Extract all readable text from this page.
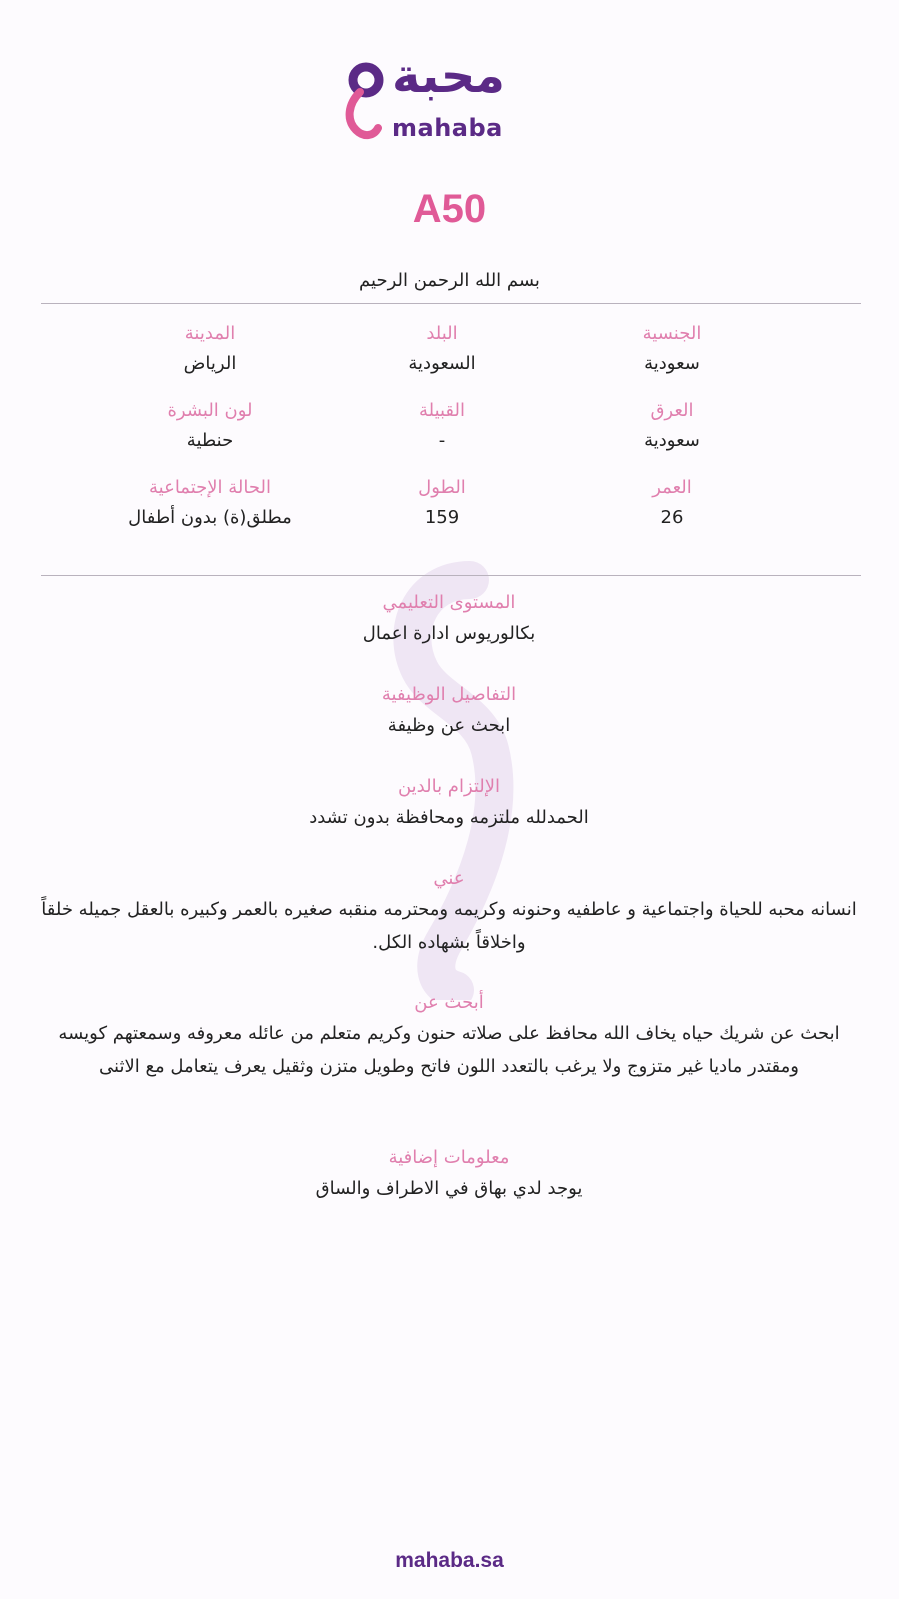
محبة
mahaba
A50
بسم الله الرحمن الرحيم
الجنسية
سعودية
البلد
السعودية
المدينة
الرياض
العرق
سعودية
القبيلة
-
لون البشرة
حنطية
العمر
26
الطول
159
الحالة الإجتماعية
مطلق(ة) بدون أطفال
المستوى التعليمي
بكالوريوس ادارة اعمال
التفاصيل الوظيفية
ابحث عن وظيفة
الإلتزام بالدين
الحمدلله ملتزمه ومحافظة بدون تشدد
عني
انسانه محبه للحياة واجتماعية و عاطفيه وحنونه وكريمه ومحترمه منقبه صغيره بالعمر وكبيره بالعقل جميله خلقاً واخلاقاً بشهاده الكل.
أبحث عن
ابحث عن شريك حياه يخاف الله محافظ على صلاته حنون وكريم متعلم من عائله معروفه وسمعتهم كويسه ومقتدر ماديا غير متزوج ولا يرغب بالتعدد اللون فاتح وطويل متزن وثقيل يعرف يتعامل مع الاثنى
معلومات إضافية
يوجد لدي بهاق في الاطراف والساق
mahaba.sa
